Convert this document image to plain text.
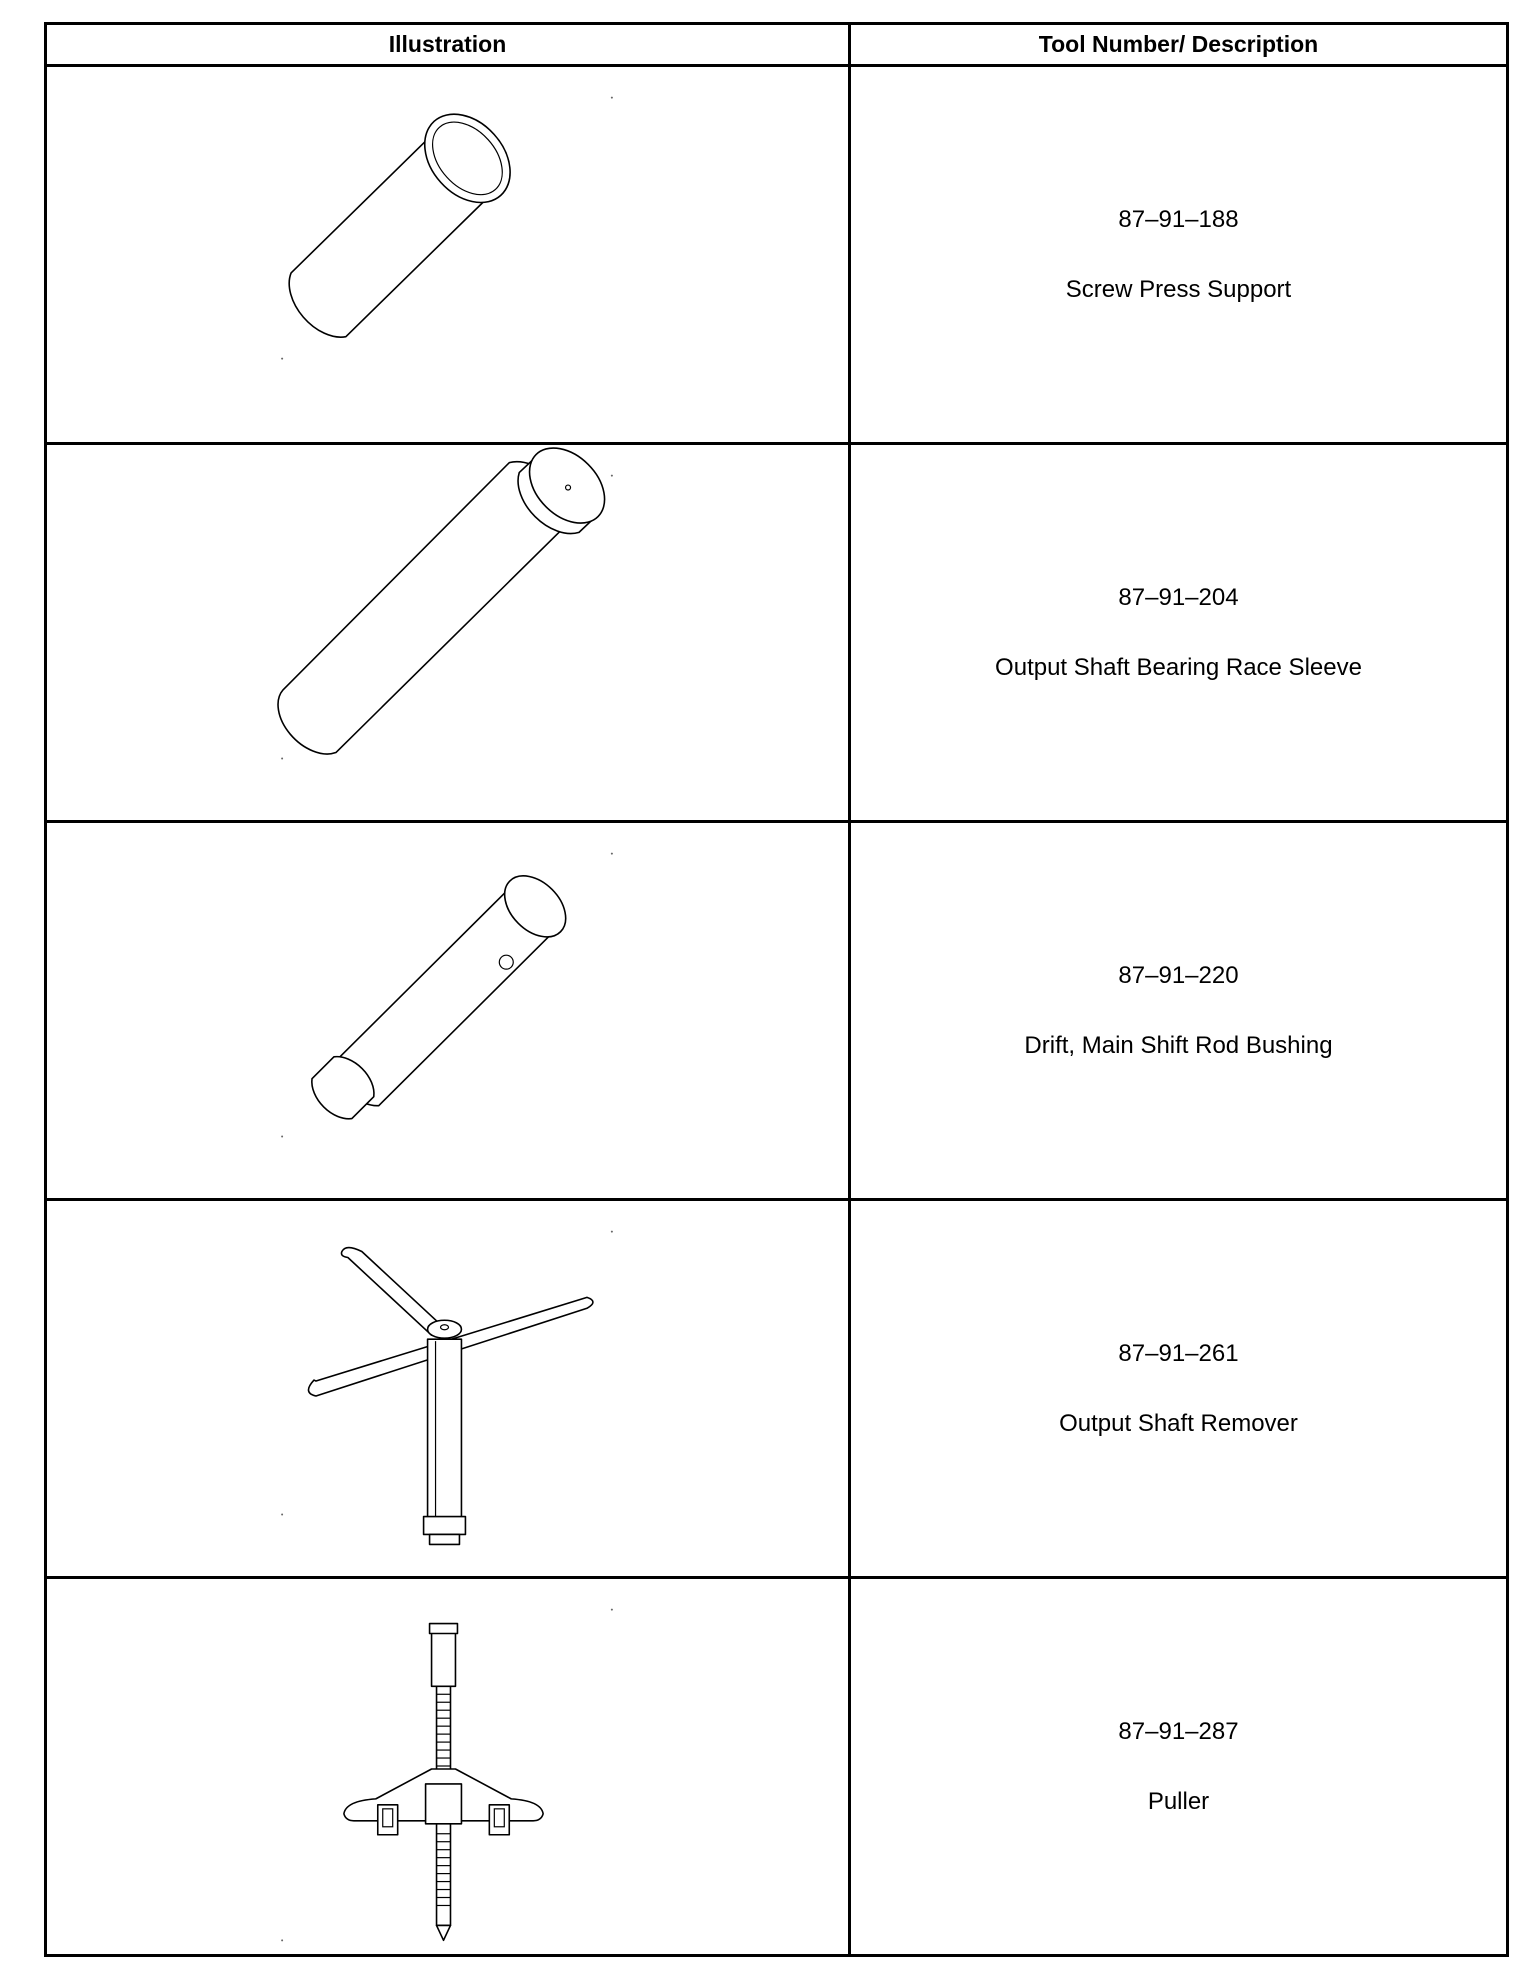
Illustration	Tool Number/ Description

87–91–188
Screw Press Support

87–91–204
Output Shaft Bearing Race Sleeve

87–91–220
Drift, Main Shift Rod Bushing

87–91–261
Output Shaft Remover

87–91–287
Puller
